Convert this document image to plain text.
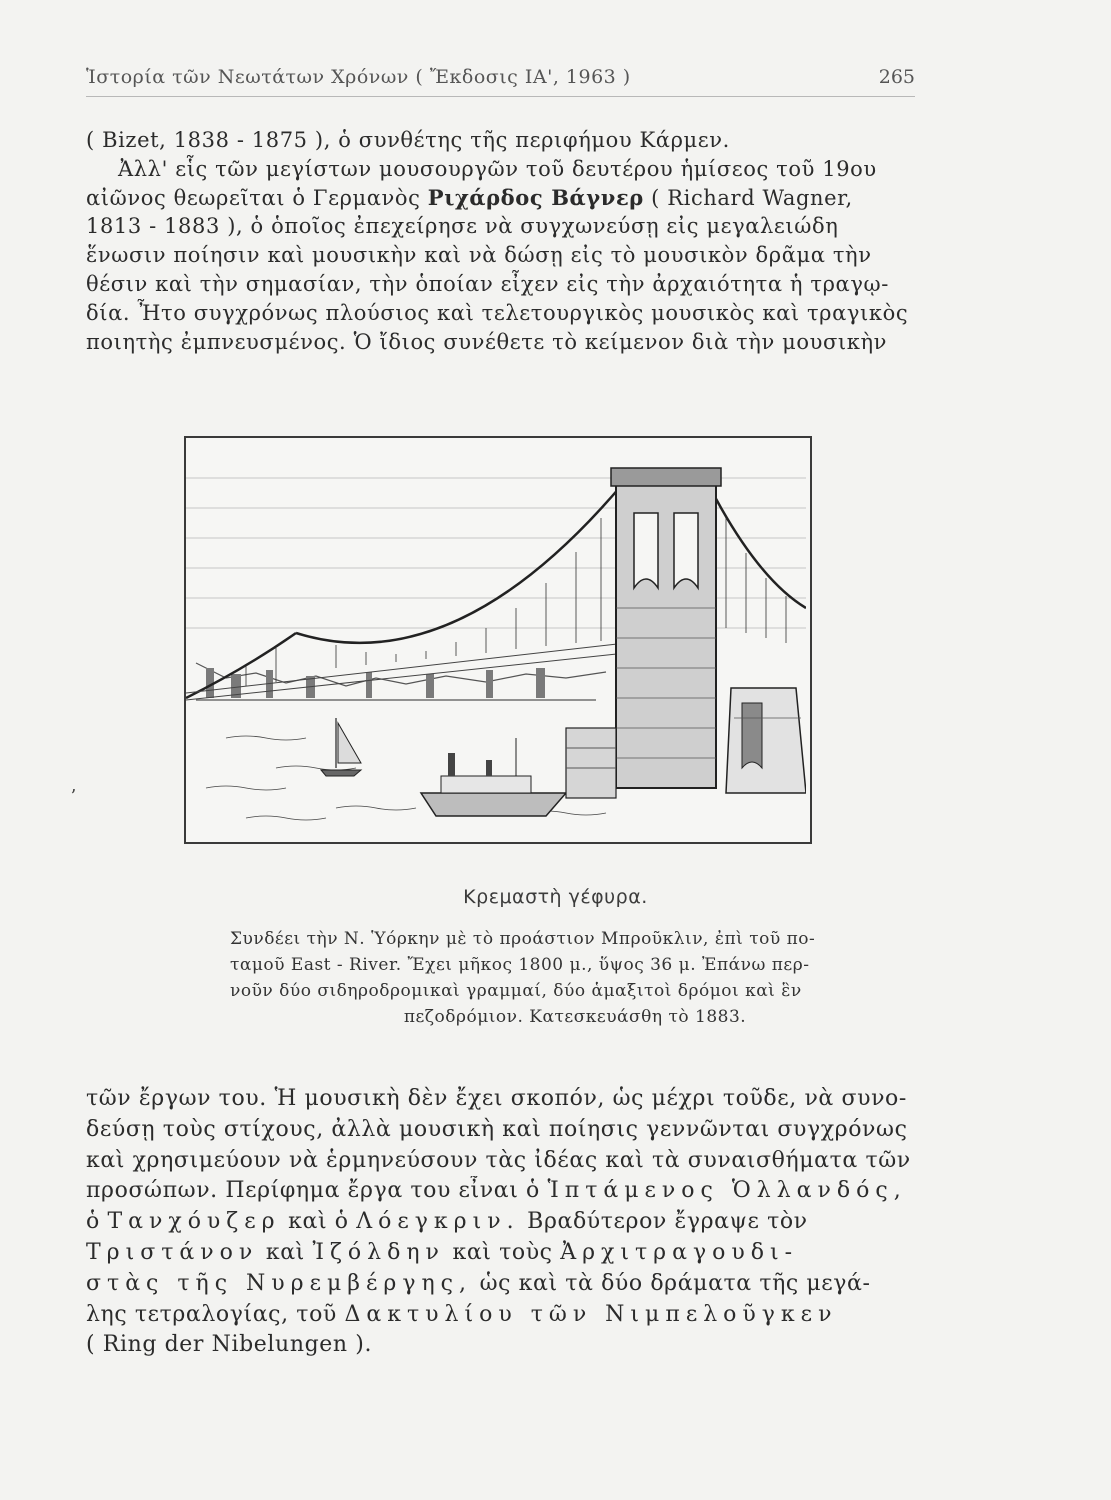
Ἱστορία τῶν Νεωτάτων Χρόνων ( Ἔκδοσις ΙΑ', 1963 )	265
( Bizet, 1838 - 1875 ), ὁ συνθέτης τῆς περιφήμου Κάρμεν.
Ἀλλ' εἷς τῶν μεγίστων μουσουργῶν τοῦ δευτέρου ἡμίσεος τοῦ 19ου
αἰῶνος θεωρεῖται ὁ Γερμανὸς Ριχάρδος Βάγνερ ( Richard Wagner,
1813 - 1883 ), ὁ ὁποῖος ἐπεχείρησε νὰ συγχωνεύσῃ εἰς μεγαλειώδη
ἕνωσιν ποίησιν καὶ μουσικὴν καὶ νὰ δώσῃ εἰς τὸ μουσικὸν δρᾶμα τὴν
θέσιν καὶ τὴν σημασίαν, τὴν ὁποίαν εἶχεν εἰς τὴν ἀρχαιότητα ἡ τραγῳ-
δία. Ἦτο συγχρόνως πλούσιος καὶ τελετουργικὸς μουσικὸς καὶ τραγικὸς
ποιητὴς ἐμπνευσμένος. Ὁ ἴδιος συνέθετε τὸ κείμενον διὰ τὴν μουσικὴν
Κρεμαστὴ γέφυρα.
Συνδέει τὴν Ν. Ὑόρκην μὲ τὸ προάστιον Μπροῦκλιν, ἐπὶ τοῦ πο-
ταμοῦ East - River. Ἔχει μῆκος 1800 μ., ὕψος 36 μ. Ἐπάνω περ-
νοῦν δύο σιδηροδρομικαὶ γραμμαί, δύο ἁμαξιτοὶ δρόμοι καὶ ἓν
πεζοδρόμιον. Κατεσκευάσθη τὸ 1883.
ʼ
τῶν ἔργων του. Ἡ μουσικὴ δὲν ἔχει σκοπόν, ὡς μέχρι τοῦδε, νὰ συνο-
δεύσῃ τοὺς στίχους, ἀλλὰ μουσικὴ καὶ ποίησις γεννῶνται συγχρόνως
καὶ χρησιμεύουν νὰ ἑρμηνεύσουν τὰς ἰδέας καὶ τὰ συναισθήματα τῶν
προσώπων. Περίφημα ἔργα του εἶναι ὁ Ἱπτάμενος Ὁλλανδός,
ὁ Τανχόυζερ καὶ ὁ Λόεγκριν. Βραδύτερον ἔγραψε τὸν
Τριστάνον καὶ Ἰζόλδην καὶ τοὺς Ἀρχιτραγουδι-
στὰς τῆς Νυρεμβέργης, ὡς καὶ τὰ δύο δράματα τῆς μεγά-
λης τετραλογίας, τοῦ Δακτυλίου τῶν Νιμπελοῦγκεν
( Ring der Nibelungen ).
